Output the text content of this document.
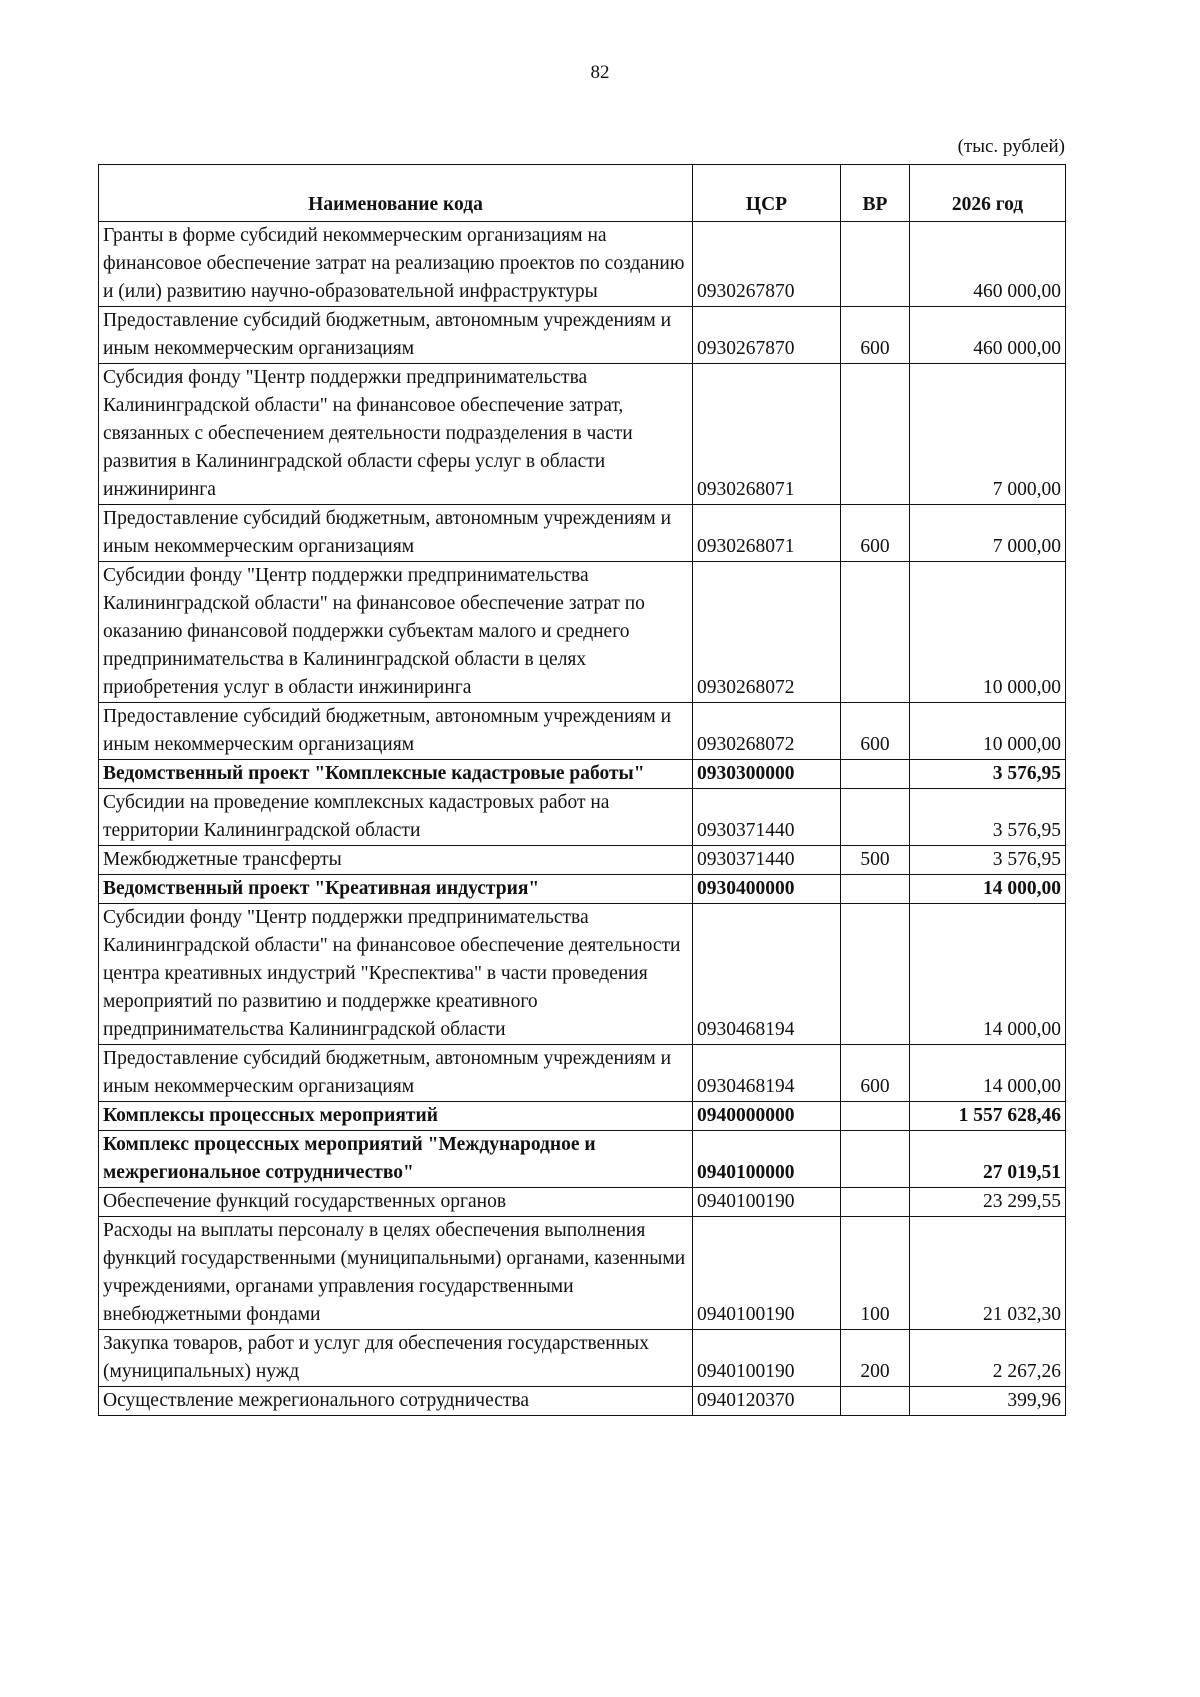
82
(тыс. рублей)
Наименование кода	ЦСР	ВР	2026 год
Гранты в форме субсидий некоммерческим организациям на финансовое обеспечение затрат на реализацию проектов по созданию и (или) развитию научно-образовательной инфраструктуры	0930267870		460 000,00
Предоставление субсидий бюджетным, автономным учреждениям и иным некоммерческим организациям	0930267870	600	460 000,00
Субсидия фонду "Центр поддержки предпринимательства Калининградской области" на финансовое обеспечение затрат, связанных с обеспечением деятельности подразделения в части развития в Калининградской области сферы услуг в области инжиниринга	0930268071		7 000,00
Предоставление субсидий бюджетным, автономным учреждениям и иным некоммерческим организациям	0930268071	600	7 000,00
Субсидии фонду "Центр поддержки предпринимательства Калининградской области" на финансовое обеспечение затрат по оказанию финансовой поддержки субъектам малого и среднего предпринимательства в Калининградской области в целях приобретения услуг в области инжиниринга	0930268072		10 000,00
Предоставление субсидий бюджетным, автономным учреждениям и иным некоммерческим организациям	0930268072	600	10 000,00
Ведомственный проект "Комплексные кадастровые работы"	0930300000		3 576,95
Субсидии на проведение комплексных кадастровых работ на территории Калининградской области	0930371440		3 576,95
Межбюджетные трансферты	0930371440	500	3 576,95
Ведомственный проект "Креативная индустрия"	0930400000		14 000,00
Субсидии фонду "Центр поддержки предпринимательства Калининградской области" на финансовое обеспечение деятельности центра креативных индустрий "Креспектива" в части проведения мероприятий по развитию и поддержке креативного предпринимательства Калининградской области	0930468194		14 000,00
Предоставление субсидий бюджетным, автономным учреждениям и иным некоммерческим организациям	0930468194	600	14 000,00
Комплексы процессных мероприятий	0940000000		1 557 628,46
Комплекс процессных мероприятий "Международное и межрегиональное сотрудничество"	0940100000		27 019,51
Обеспечение функций государственных органов	0940100190		23 299,55
Расходы на выплаты персоналу в целях обеспечения выполнения функций государственными (муниципальными) органами, казенными учреждениями, органами управления государственными внебюджетными фондами	0940100190	100	21 032,30
Закупка товаров, работ и услуг для обеспечения государственных (муниципальных) нужд	0940100190	200	2 267,26
Осуществление межрегионального сотрудничества	0940120370		399,96
